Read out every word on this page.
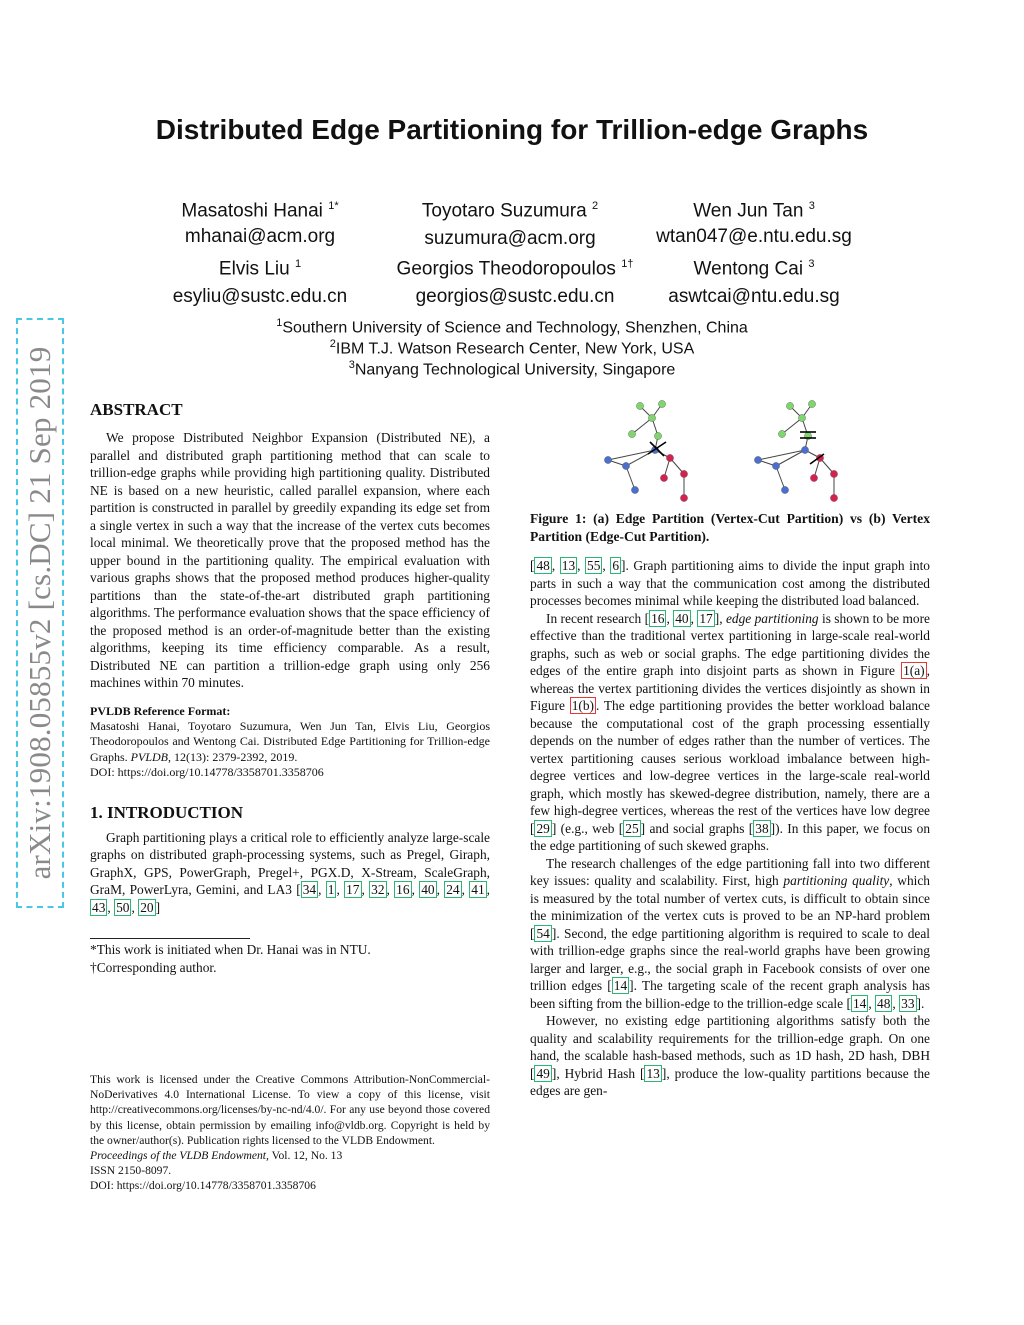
arXiv:1908.05855v2 [cs.DC] 21 Sep 2019
Distributed Edge Partitioning for Trillion-edge Graphs
Masatoshi Hanai $^{1*}$
mhanai@acm.org
Toyotaro Suzumura $^2$
suzumura@acm.org
Wen Jun Tan $^3$
wtan047@e.ntu.edu.sg
Elvis Liu $^1$
esyliu@sustc.edu.cn
Georgios Theodoropoulos $^{1\dagger}$
georgios@sustc.edu.cn
Wentong Cai $^3$
aswtcai@ntu.edu.sg
$^1$Southern University of Science and Technology, Shenzhen, China
$^2$IBM T.J. Watson Research Center, New York, USA
$^3$Nanyang Technological University, Singapore
ABSTRACT

We propose Distributed Neighbor Expansion (Distributed NE), a parallel and distributed graph partitioning method that can scale to trillion-edge graphs while providing high partitioning quality. Distributed NE is based on a new heuristic, called parallel expansion, where each partition is constructed in parallel by greedily expanding its edge set from a single vertex in such a way that the increase of the vertex cuts becomes local minimal. We theoretically prove that the proposed method has the upper bound in the partitioning quality. The empirical evaluation with various graphs shows that the proposed method produces higher-quality partitions than the state-of-the-art distributed graph partitioning algorithms. The performance evaluation shows that the space efficiency of the proposed method is an order-of-magnitude better than the existing algorithms, keeping its time efficiency comparable. As a result, Distributed NE can partition a trillion-edge graph using only 256 machines within 70 minutes.

PVLDB Reference Format:
Masatoshi Hanai, Toyotaro Suzumura, Wen Jun Tan, Elvis Liu, Georgios Theodoropoulos and Wentong Cai. Distributed Edge Partitioning for Trillion-edge Graphs. PVLDB, 12(13): 2379-2392, 2019.
DOI: https://doi.org/10.14778/3358701.3358706
1. INTRODUCTION

Graph partitioning plays a critical role to efficiently analyze large-scale graphs on distributed graph-processing systems, such as Pregel, Giraph, GraphX, GPS, PowerGraph, Pregel+, PGX.D, X-Stream, ScaleGraph, GraM, PowerLyra, Gemini, and LA3 [ 34 , 1 , 17 , 32 , 16 , 40 , 24 , 41 , 43 , 50 , 20 ]

*This work is initiated when Dr. Hanai was in NTU.
†Corresponding author.
This work is licensed under the Creative Commons Attribution-NonCommercial-NoDerivatives 4.0 International License. To view a copy of this license, visit http://creativecommons.org/licenses/by-nc-nd/4.0/. For any use beyond those covered by this license, obtain permission by emailing info@vldb.org. Copyright is held by the owner/author(s). Publication rights licensed to the VLDB Endowment.
Proceedings of the VLDB Endowment, Vol. 12, No. 13
ISSN 2150-8097.
DOI: https://doi.org/10.14778/3358701.3358706
Figure 1: (a) Edge Partition (Vertex-Cut Partition) vs (b) Vertex Partition (Edge-Cut Partition).

[ 48 , 13 , 55 , 6 ]. Graph partitioning aims to divide the input graph into parts in such a way that the communication cost among the distributed processes becomes minimal while keeping the distributed load balanced.

In recent research [ 16 , 40 , 17 ], edge partitioning is shown to be more effective than the traditional vertex partitioning in large-scale real-world graphs, such as web or social graphs. The edge partitioning divides the edges of the entire graph into disjoint parts as shown in Figure 1(a) , whereas the vertex partitioning divides the vertices disjointly as shown in Figure 1(b) . The edge partitioning provides the better workload balance because the computational cost of the graph processing essentially depends on the number of edges rather than the number of vertices. The vertex partitioning causes serious workload imbalance between high-degree vertices and low-degree vertices in the large-scale real-world graph, which mostly has skewed-degree distribution, namely, there are a few high-degree vertices, whereas the rest of the vertices have low degree [ 29 ] (e.g., web [ 25 ] and social graphs [ 38 ]). In this paper, we focus on the edge partitioning of such skewed graphs.

The research challenges of the edge partitioning fall into two different key issues: quality and scalability. First, high partitioning quality, which is measured by the total number of vertex cuts, is difficult to obtain since the minimization of the vertex cuts is proved to be an NP-hard problem [ 54 ]. Second, the edge partitioning algorithm is required to scale to deal with trillion-edge graphs since the real-world graphs have been growing larger and larger, e.g., the social graph in Facebook consists of over one trillion edges [ 14 ]. The targeting scale of the recent graph analysis has been sifting from the billion-edge to the trillion-edge scale [ 14 , 48 , 33 ].

However, no existing edge partitioning algorithms satisfy both the quality and scalability requirements for the trillion-edge graph. On one hand, the scalable hash-based methods, such as 1D hash, 2D hash, DBH [ 49 ], Hybrid Hash [ 13 ], produce the low-quality partitions because the edges are gen-
